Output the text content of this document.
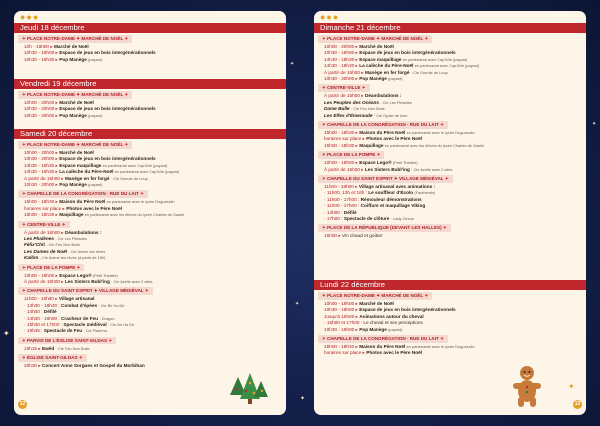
✦
✦
✦
✦
✦
●●●
Jeudi 18 décembre
✦ PLACE NOTRE-DAME ✦ MARCHÉ DE NOËL ✦
10h - 19h00 ▸ Marché de Noël
10h30 - 19h00 ▸ Espace de jeux en bois intergénérationnels
10h30 - 19h30 ▸ Pop Manège (payant)
Vendredi 19 décembre
✦ PLACE NOTRE-DAME ✦ MARCHÉ DE NOËL ✦
10h00 - 20h00 ▸ Marché de Noël
10h30 - 20h00 ▸ Espace de jeux en bois intergénérationnels
10h30 - 20h00 ▸ Pop Manège (payant)
Samedi 20 décembre
✦ PLACE NOTRE-DAME ✦ MARCHÉ DE NOËL ✦
10h00 - 20h00 ▸ Marché de Noël
10h30 - 20h00 ▸ Espace de jeux en bois intergénérationnels
14h30 - 18h30 ▸ Espace maquillage en partenariat avec Cap'Ahé (payant)
14h30 - 18h30 ▸ La calèche du Père-Noël en partenariat avec Cap'Ahé (payant)
À partir de 15h00 ▸ Manège en fer forgé · Cie Gueule de Loup
10h30 - 20h00 ▸ Pop Manège (payant)
✦ CHAPELLE DE LA CONGRÉGATION · RUE DU LAIT ✦
15h00 - 18h30 ▸ Maison du Père Noël en partenariat avec le lycée Duguesclin
horaires sur place ▸ Photos avec le Père Noël
15h00 - 18h30 ▸ Maquillage en partenariat avec les élèves du lycée Charles de Gaulle
✦ CENTRE-VILLE ✦
À partir de 15h00 ▸ Déambulations :
Les Phalènes - Cie Les Pleiades
Félix'Chit - Cie Feu Non Bulle
Les Dames de Noël - Cie Anime tes rêves
Kalôm - Cie Anime tes rêves (à partir de 18h)
✦ PLACE DE LA POMPE ✦
10h00 - 18h00 ▸ Espace Lego® (Petit Théâtre)
À partir de 15h00 ▸ Les Sisters Bubl'ing · Cie Azelle avec 2 ailes
✦ CHAPELLE DU SAINT ESPRIT ✦ VILLAGE MÉDIÉVAL ✦
11h00 - 18h00 ▸ Village artisanal
· 13h30 - 18h30 : Combat d'épées · Cie Bir Ha Dir
· 14h00 : Défilé
· 14h30 - 19h00 : Cracheur de Feu · Dragon
· 15h30 et 17h00 : Spectacle médiéval · Cie Bir Ha Dir
· 19h45 : Spectacle de Feu · Cie Flamma
✦ PARVIS DE L'ÉGLISE SAINT-GILDAS ✦
19h15 ▸ Ewéd · Cie Feu Non Bulle
✦ ÉGLISE SAINT-GILDAS ✦
20h30 ▸ Concert Anne Sorgues et Gospel du Morbihan
12
●●●
Dimanche 21 décembre
✦ PLACE NOTRE-DAME ✦ MARCHÉ DE NOËL ✦
10h00 - 20h00 ▸ Marché de Noël
10h30 - 19h00 ▸ Espace de jeux en bois intergénérationnels
14h30 - 18h30 ▸ Espace maquillage en partenariat avec Cap'Ahé (payant)
14h30 - 18h30 ▸ La calèche du Père-Noël en partenariat avec Cap'Ahé (payant)
À partir de 15h00 ▸ Manège en fer forgé · Cie Gueule de Loup
10h30 - 20h00 ▸ Pop Manège (payant)
✦ CENTRE-VILLE ✦
À partir de 15h00 ▸ Déambulations :
Les Peuples des Océans - Cie Les Pleiades
Dame Bulle · Cie Feu Non Bulle
Les Elfes d'Émeraude · Cie Opale de lune
✦ CHAPELLE DE LA CONGRÉGATION · RUE DU LAIT ✦
15h00 - 18h30 ▸ Maison du Père Noël en partenariat avec le lycée Duguesclin
horaires sur place ▸ Photos avec le Père Noël
15h00 - 18h30 ▸ Maquillage en partenariat avec les élèves du lycée Charles de Gaulle
✦ PLACE DE LA POMPE ✦
10h00 - 18h00 ▸ Espace Lego® (Petit Théâtre)
À partir de 15h00 ▸ Les Sisters Bubl'ing · Cie Azelle avec 2 ailes
✦ CHAPELLE DU SAINT ESPRIT ✦ VILLAGE MÉDIÉVAL ✦
11h00 - 18h00 ▸ Village artisanal avec animations :
· 11h00, 13h et 16h : Le souffleur d'Écolo (Fauthentic)
· 11h00 - 17h00 : Rémouleur démonstrations
· 11h00 - 17h00 : Coiffure et maquillage Viking
· 14h00 : Défilé
· 17h00 : Spectacle de clôture · Lady Circus
✦ PLACE DE LA RÉPUBLIQUE (DEVANT LES HALLES) ✦
16h00 ▸ Vin chaud et goûter
Lundi 22 décembre
✦ PLACE NOTRE-DAME ✦ MARCHÉ DE NOËL ✦
10h00 - 19h00 ▸ Marché de Noël
10h30 - 19h00 ▸ Espace de jeux en bois intergénérationnels
Jusqu'à 18h00 ▸ Animations autour du cheval
· 15h00 et 17h00 : Le cheval et ses perceptions
10h30 - 19h00 ▸ Pop Manège (payant)
✦ CHAPELLE DE LA CONGRÉGATION · RUE DU LAIT ✦
15h00 - 18h30 ▸ Maison du Père Noël en partenariat avec le lycée Duguesclin
horaires sur place ▸ Photos avec le Père Noël
✦
13
